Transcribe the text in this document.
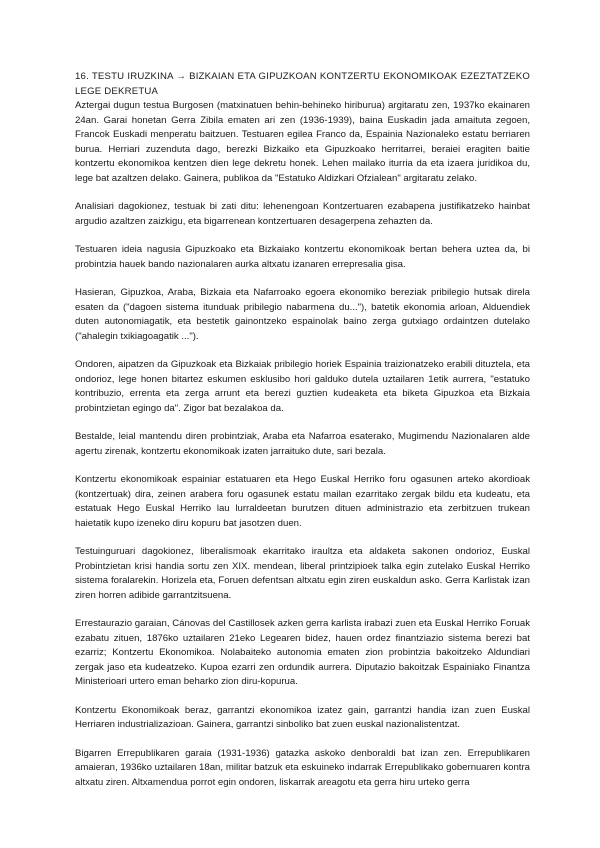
16. TESTU IRUZKINA → BIZKAIAN ETA GIPUZKOAN KONTZERTU EKONOMIKOAK EZEZTATZEKO LEGE DEKRETUA

Aztergai dugun testua Burgosen (matxinatuen behin-behineko hiriburua) argitaratu zen, 1937ko ekainaren 24an. Garai honetan Gerra Zibila ematen ari zen (1936-1939), baina Euskadin jada amaituta zegoen, Francok Euskadi menperatu baitzuen. Testuaren egilea Franco da, Espainia Nazionaleko estatu berriaren burua. Herriari zuzenduta dago, berezki Bizkaiko eta Gipuzkoako herritarrei, beraiei eragiten baitie kontzertu ekonomikoa kentzen dien lege dekretu honek. Lehen mailako iturria da eta izaera juridikoa du, lege bat azaltzen delako. Gainera, publikoa da "Estatuko Aldizkari Ofzialean" argitaratu zelako.

Analisiari dagokionez, testuak bi zati ditu: lehenengoan Kontzertuaren ezabapena justifikatzeko hainbat argudio azaltzen zaizkigu, eta bigarrenean kontzertuaren desagerpena zehazten da.

Testuaren ideia nagusia Gipuzkoako eta Bizkaiako kontzertu ekonomikoak bertan behera uztea da, bi probintzia hauek bando nazionalaren aurka altxatu izanaren errepresalia gisa.

Hasieran, Gipuzkoa, Araba, Bizkaia eta Nafarroako egoera ekonomiko bereziak pribilegio hutsak direla esaten da ("dagoen sistema itunduak pribilegio nabarmena du..."), batetik ekonomia arloan, Alduendiek duten autonomiagatik, eta bestetik gainontzeko espainolak baino zerga gutxiago ordaintzen dutelako ("ahalegin txikiagoagatik ...").

Ondoren, aipatzen da Gipuzkoak eta Bizkaiak pribilegio horiek Espainia traizionatzeko erabili dituztela, eta ondorioz, lege honen bitartez eskumen esklusibo hori galduko dutela uztailaren 1etik aurrera, "estatuko kontribuzio, errenta eta zerga arrunt eta berezi guztien kudeaketa eta biketa Gipuzkoa eta Bizkaia probintzietan egingo da". Zigor bat bezalakoa da.

Bestalde, leial mantendu diren probintziak, Araba eta Nafarroa esaterako, Mugimendu Nazionalaren alde agertu zirenak, kontzertu ekonomikoak izaten jarraituko dute, sari bezala.

Kontzertu ekonomikoak espainiar estatuaren eta Hego Euskal Herriko foru ogasunen arteko akordioak (kontzertuak) dira, zeinen arabera foru ogasunek estatu mailan ezarritako zergak bildu eta kudeatu, eta estatuak Hego Euskal Herriko lau lurraldeetan burutzen dituen administrazio eta zerbitzuen trukean haietatik kupo izeneko diru kopuru bat jasotzen duen.

Testuinguruari dagokionez, liberalismoak ekarritako iraultza eta aldaketa sakonen ondorioz, Euskal Probintzietan krisi handia sortu zen XIX. mendean, liberal printzipioek talka egin zutelako Euskal Herriko sistema foralarekin. Horizela eta, Foruen defentsan altxatu egin ziren euskaldun asko. Gerra Karlistak izan ziren horren adibide garrantzitsuena.

Errestaurazio garaian, Cánovas del Castillosek azken gerra karlista irabazi zuen eta Euskal Herriko Foruak ezabatu zituen, 1876ko uztailaren 21eko Legearen bidez, hauen ordez finantziazio sistema berezi bat ezarriz; Kontzertu Ekonomikoa. Nolabaiteko autonomia ematen zion probintzia bakoitzeko Aldundiari zergak jaso eta kudeatzeko. Kupoa ezarri zen ordundik aurrera. Diputazio bakoitzak Espainiako Finantza Ministerioari urtero eman beharko zion diru-kopurua.

Kontzertu Ekonomikoak beraz, garrantzi ekonomikoa izatez gain, garrantzi handia izan zuen Euskal Herriaren industrializazioan. Gainera, garrantzi sinboliko bat zuen euskal nazionalistentzat.

Bigarren Errepublikaren garaia (1931-1936) gatazka askoko denboraldi bat izan zen. Errepublikaren amaieran, 1936ko uztailaren 18an, militar batzuk eta eskuineko indarrak Errepublikako gobernuaren kontra altxatu ziren. Altxamendua porrot egin ondoren, liskarrak areagotu eta gerra hiru urteko gerra
